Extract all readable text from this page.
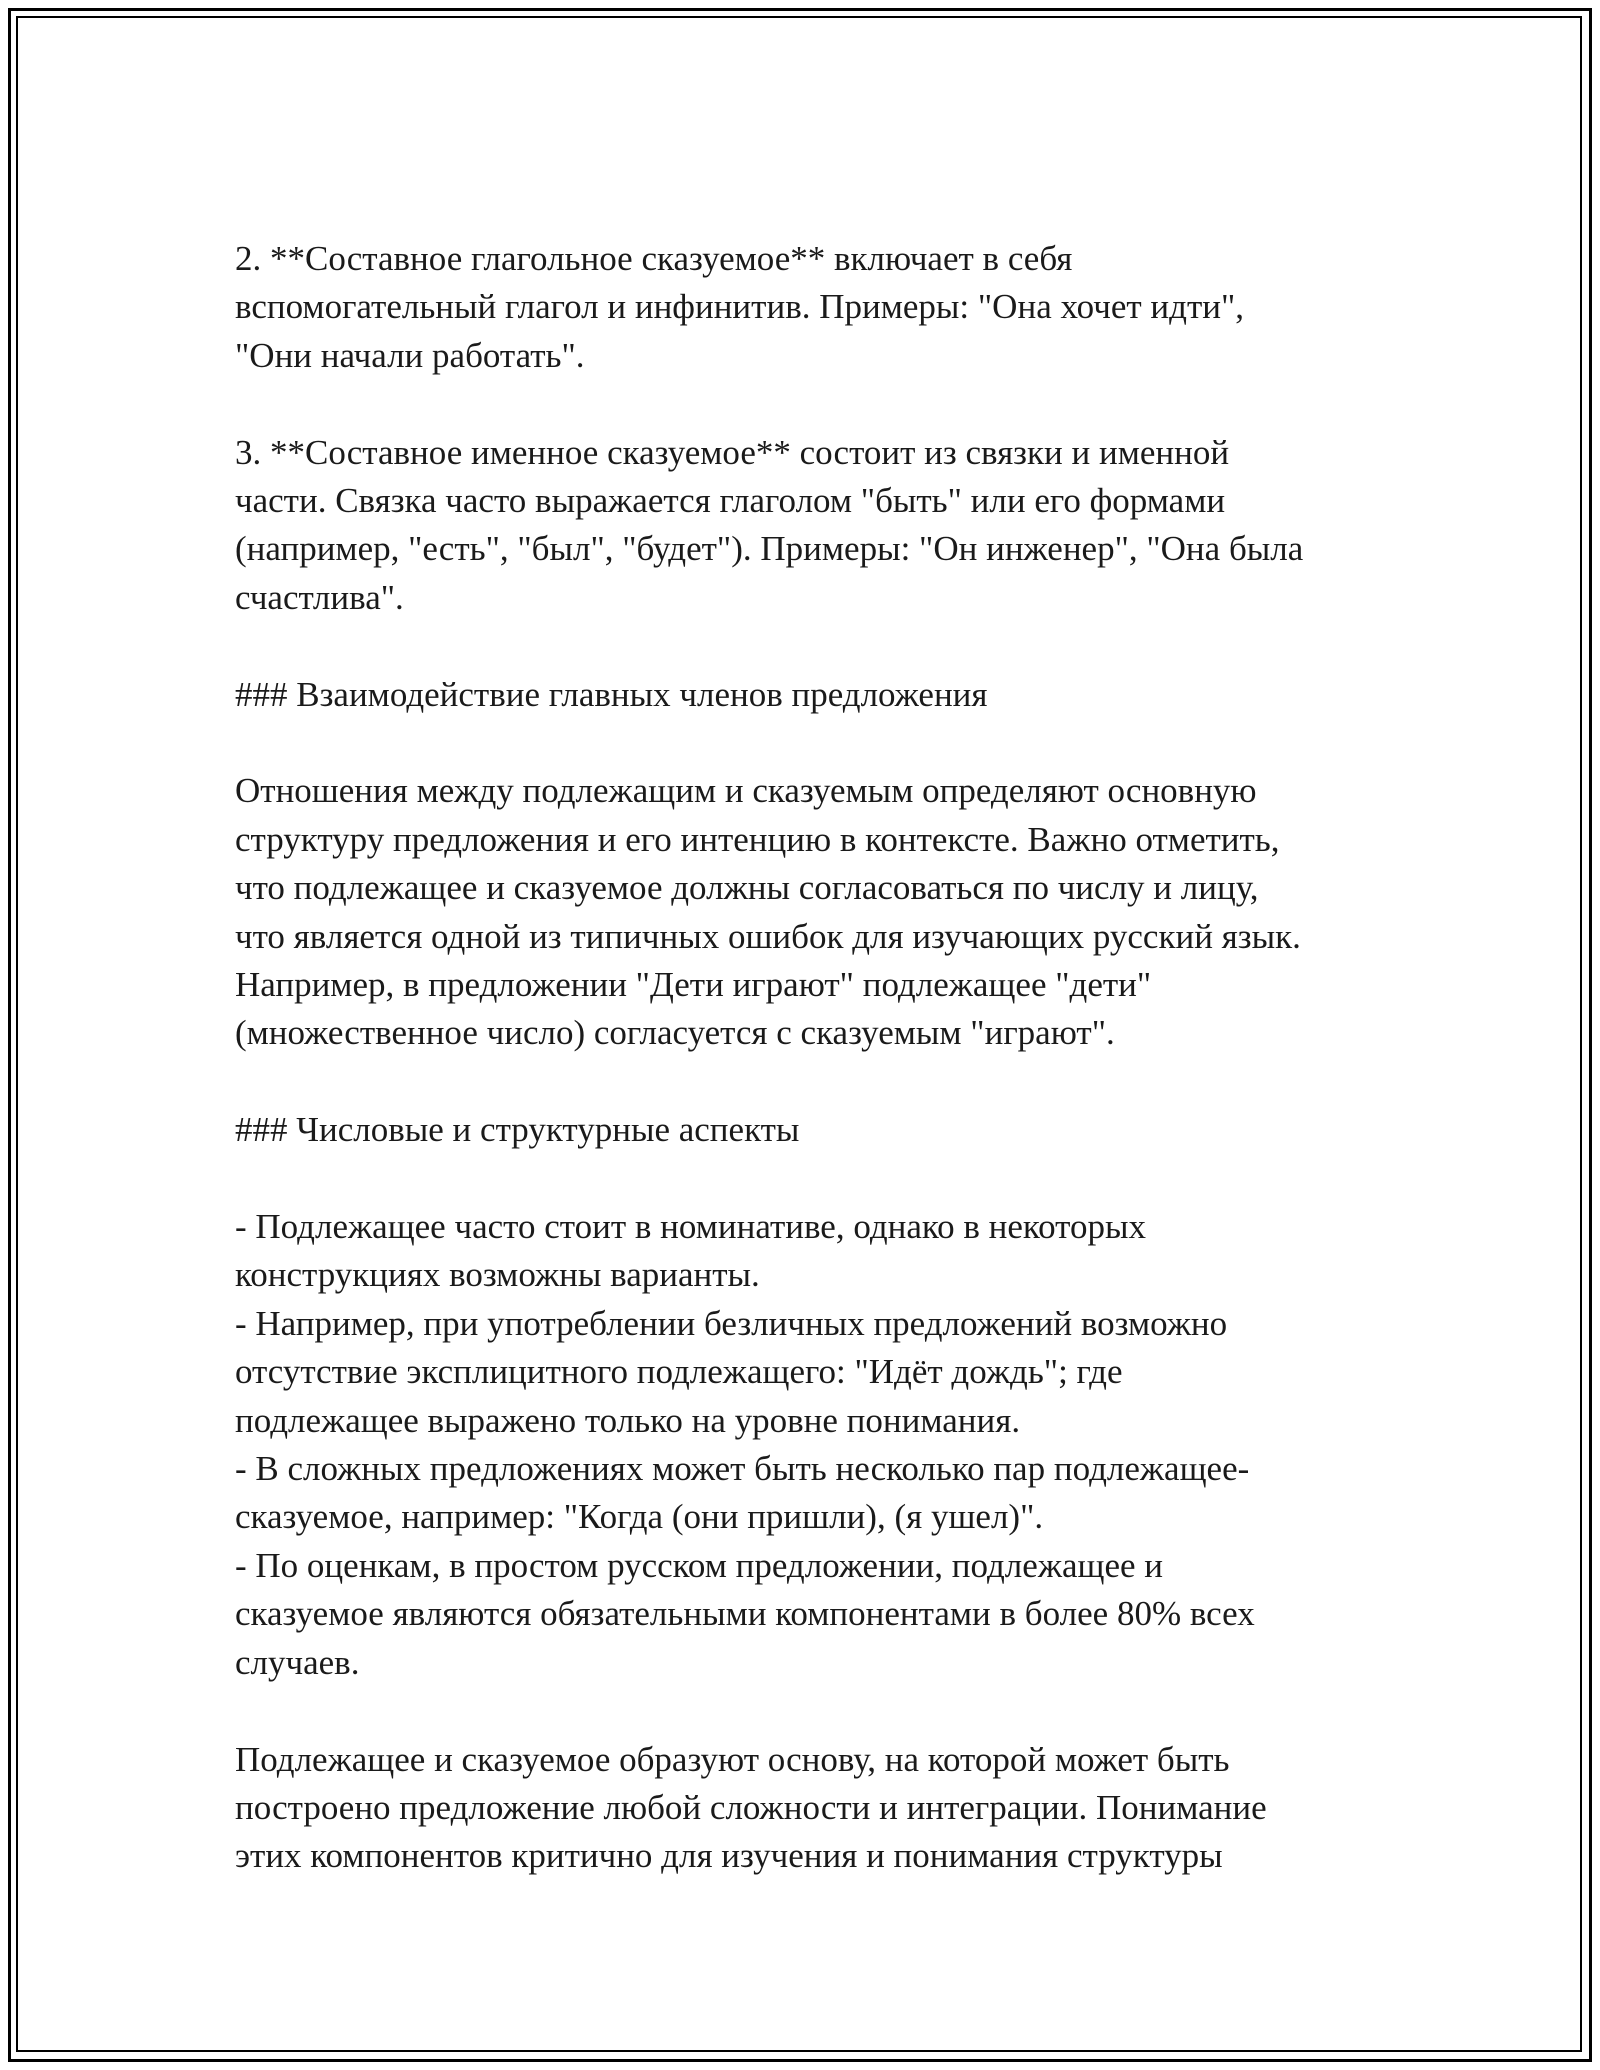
2. **Составное глагольное сказуемое** включает в себя
вспомогательный глагол и инфинитив. Примеры: "Она хочет идти",
"Они начали работать".
3. **Составное именное сказуемое** состоит из связки и именной
части. Связка часто выражается глаголом "быть" или его формами
(например, "есть", "был", "будет"). Примеры: "Он инженер", "Она была
счастлива".
### Взаимодействие главных членов предложения
Отношения между подлежащим и сказуемым определяют основную
структуру предложения и его интенцию в контексте. Важно отметить,
что подлежащее и сказуемое должны согласоваться по числу и лицу,
что является одной из типичных ошибок для изучающих русский язык.
Например, в предложении "Дети играют" подлежащее "дети"
(множественное число) согласуется с сказуемым "играют".
### Числовые и структурные аспекты
- Подлежащее часто стоит в номинативе, однако в некоторых
конструкциях возможны варианты.
- Например, при употреблении безличных предложений возможно
отсутствие эксплицитного подлежащего: "Идёт дождь"; где
подлежащее выражено только на уровне понимания.
- В сложных предложениях может быть несколько пар подлежащее-
сказуемое, например: "Когда (они пришли), (я ушел)".
- По оценкам, в простом русском предложении, подлежащее и
сказуемое являются обязательными компонентами в более 80% всех
случаев.
Подлежащее и сказуемое образуют основу, на которой может быть
построено предложение любой сложности и интеграции. Понимание
этих компонентов критично для изучения и понимания структуры
